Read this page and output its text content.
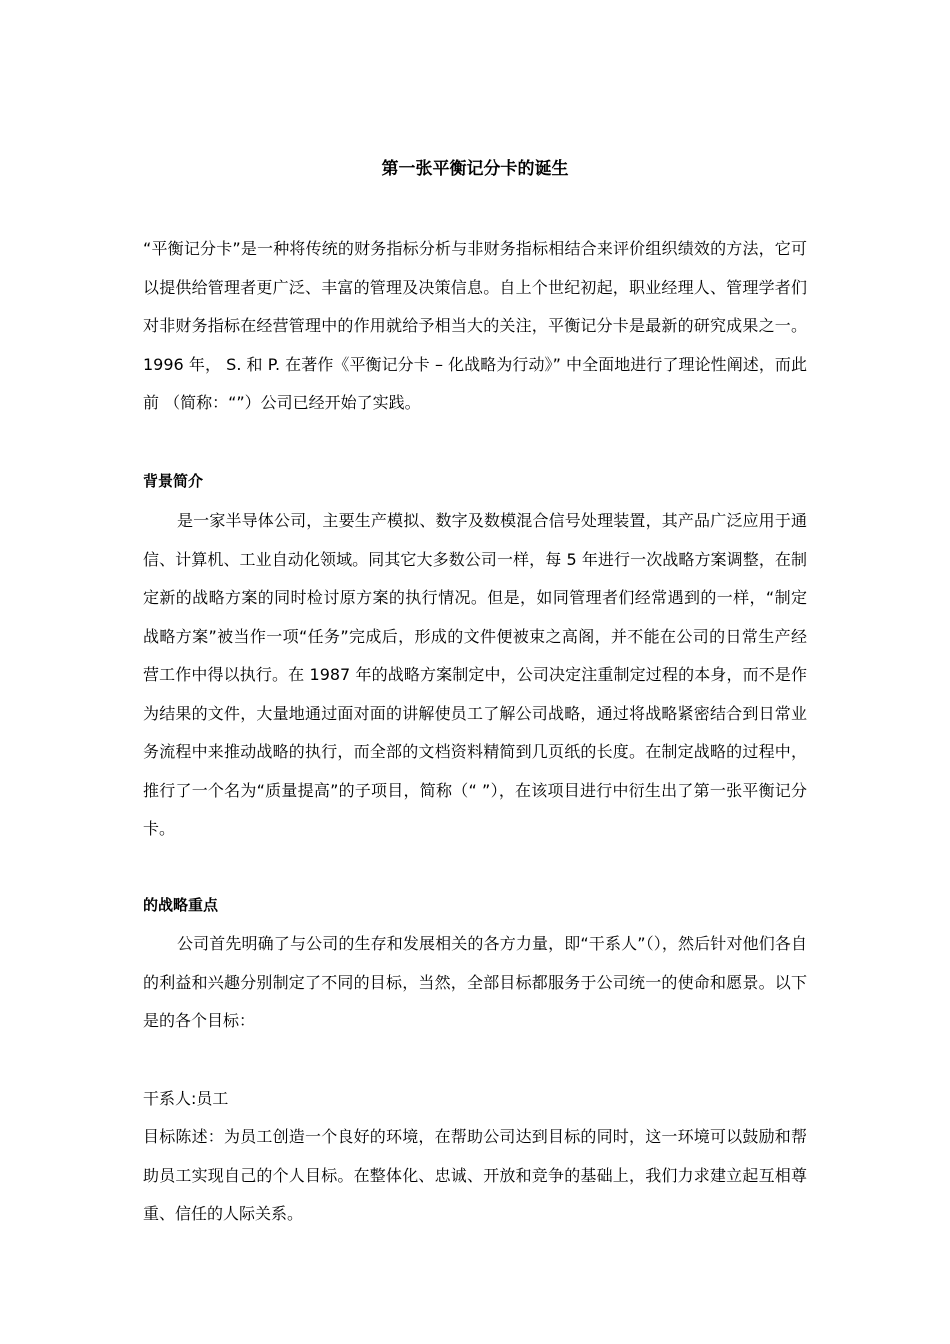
第一张平衡记分卡的诞生

“平衡记分卡”是一种将传统的财务指标分析与非财务指标相结合来评价组织绩效的方法，它可以提供给管理者更广泛、丰富的管理及决策信息。自上个世纪初起，职业经理人、管理学者们对非财务指标在经营管理中的作用就给予相当大的关注，平衡记分卡是最新的研究成果之一。1996 年， S. 和 P. 在著作《平衡记分卡 – 化战略为行动》” 中全面地进行了理论性阐述，而此前 （简称：“”）公司已经开始了实践。

背景简介

是一家半导体公司，主要生产模拟、数字及数模混合信号处理装置，其产品广泛应用于通信、计算机、工业自动化领域。同其它大多数公司一样，每 5 年进行一次战略方案调整，在制定新的战略方案的同时检讨原方案的执行情况。但是，如同管理者们经常遇到的一样，“制定战略方案”被当作一项“任务”完成后，形成的文件便被束之高阁，并不能在公司的日常生产经营工作中得以执行。在 1987 年的战略方案制定中，公司决定注重制定过程的本身，而不是作为结果的文件，大量地通过面对面的讲解使员工了解公司战略，通过将战略紧密结合到日常业务流程中来推动战略的执行，而全部的文档资料精简到几页纸的长度。在制定战略的过程中，推行了一个名为“质量提高”的子项目，简称（“ ”），在该项目进行中衍生出了第一张平衡记分卡。

的战略重点

公司首先明确了与公司的生存和发展相关的各方力量，即“干系人”（），然后针对他们各自的利益和兴趣分别制定了不同的目标，当然，全部目标都服务于公司统一的使命和愿景。以下是的各个目标：

干系人:员工

目标陈述：为员工创造一个良好的环境，在帮助公司达到目标的同时，这一环境可以鼓励和帮助员工实现自己的个人目标。在整体化、忠诚、开放和竞争的基础上，我们力求建立起互相尊重、信任的人际关系。
